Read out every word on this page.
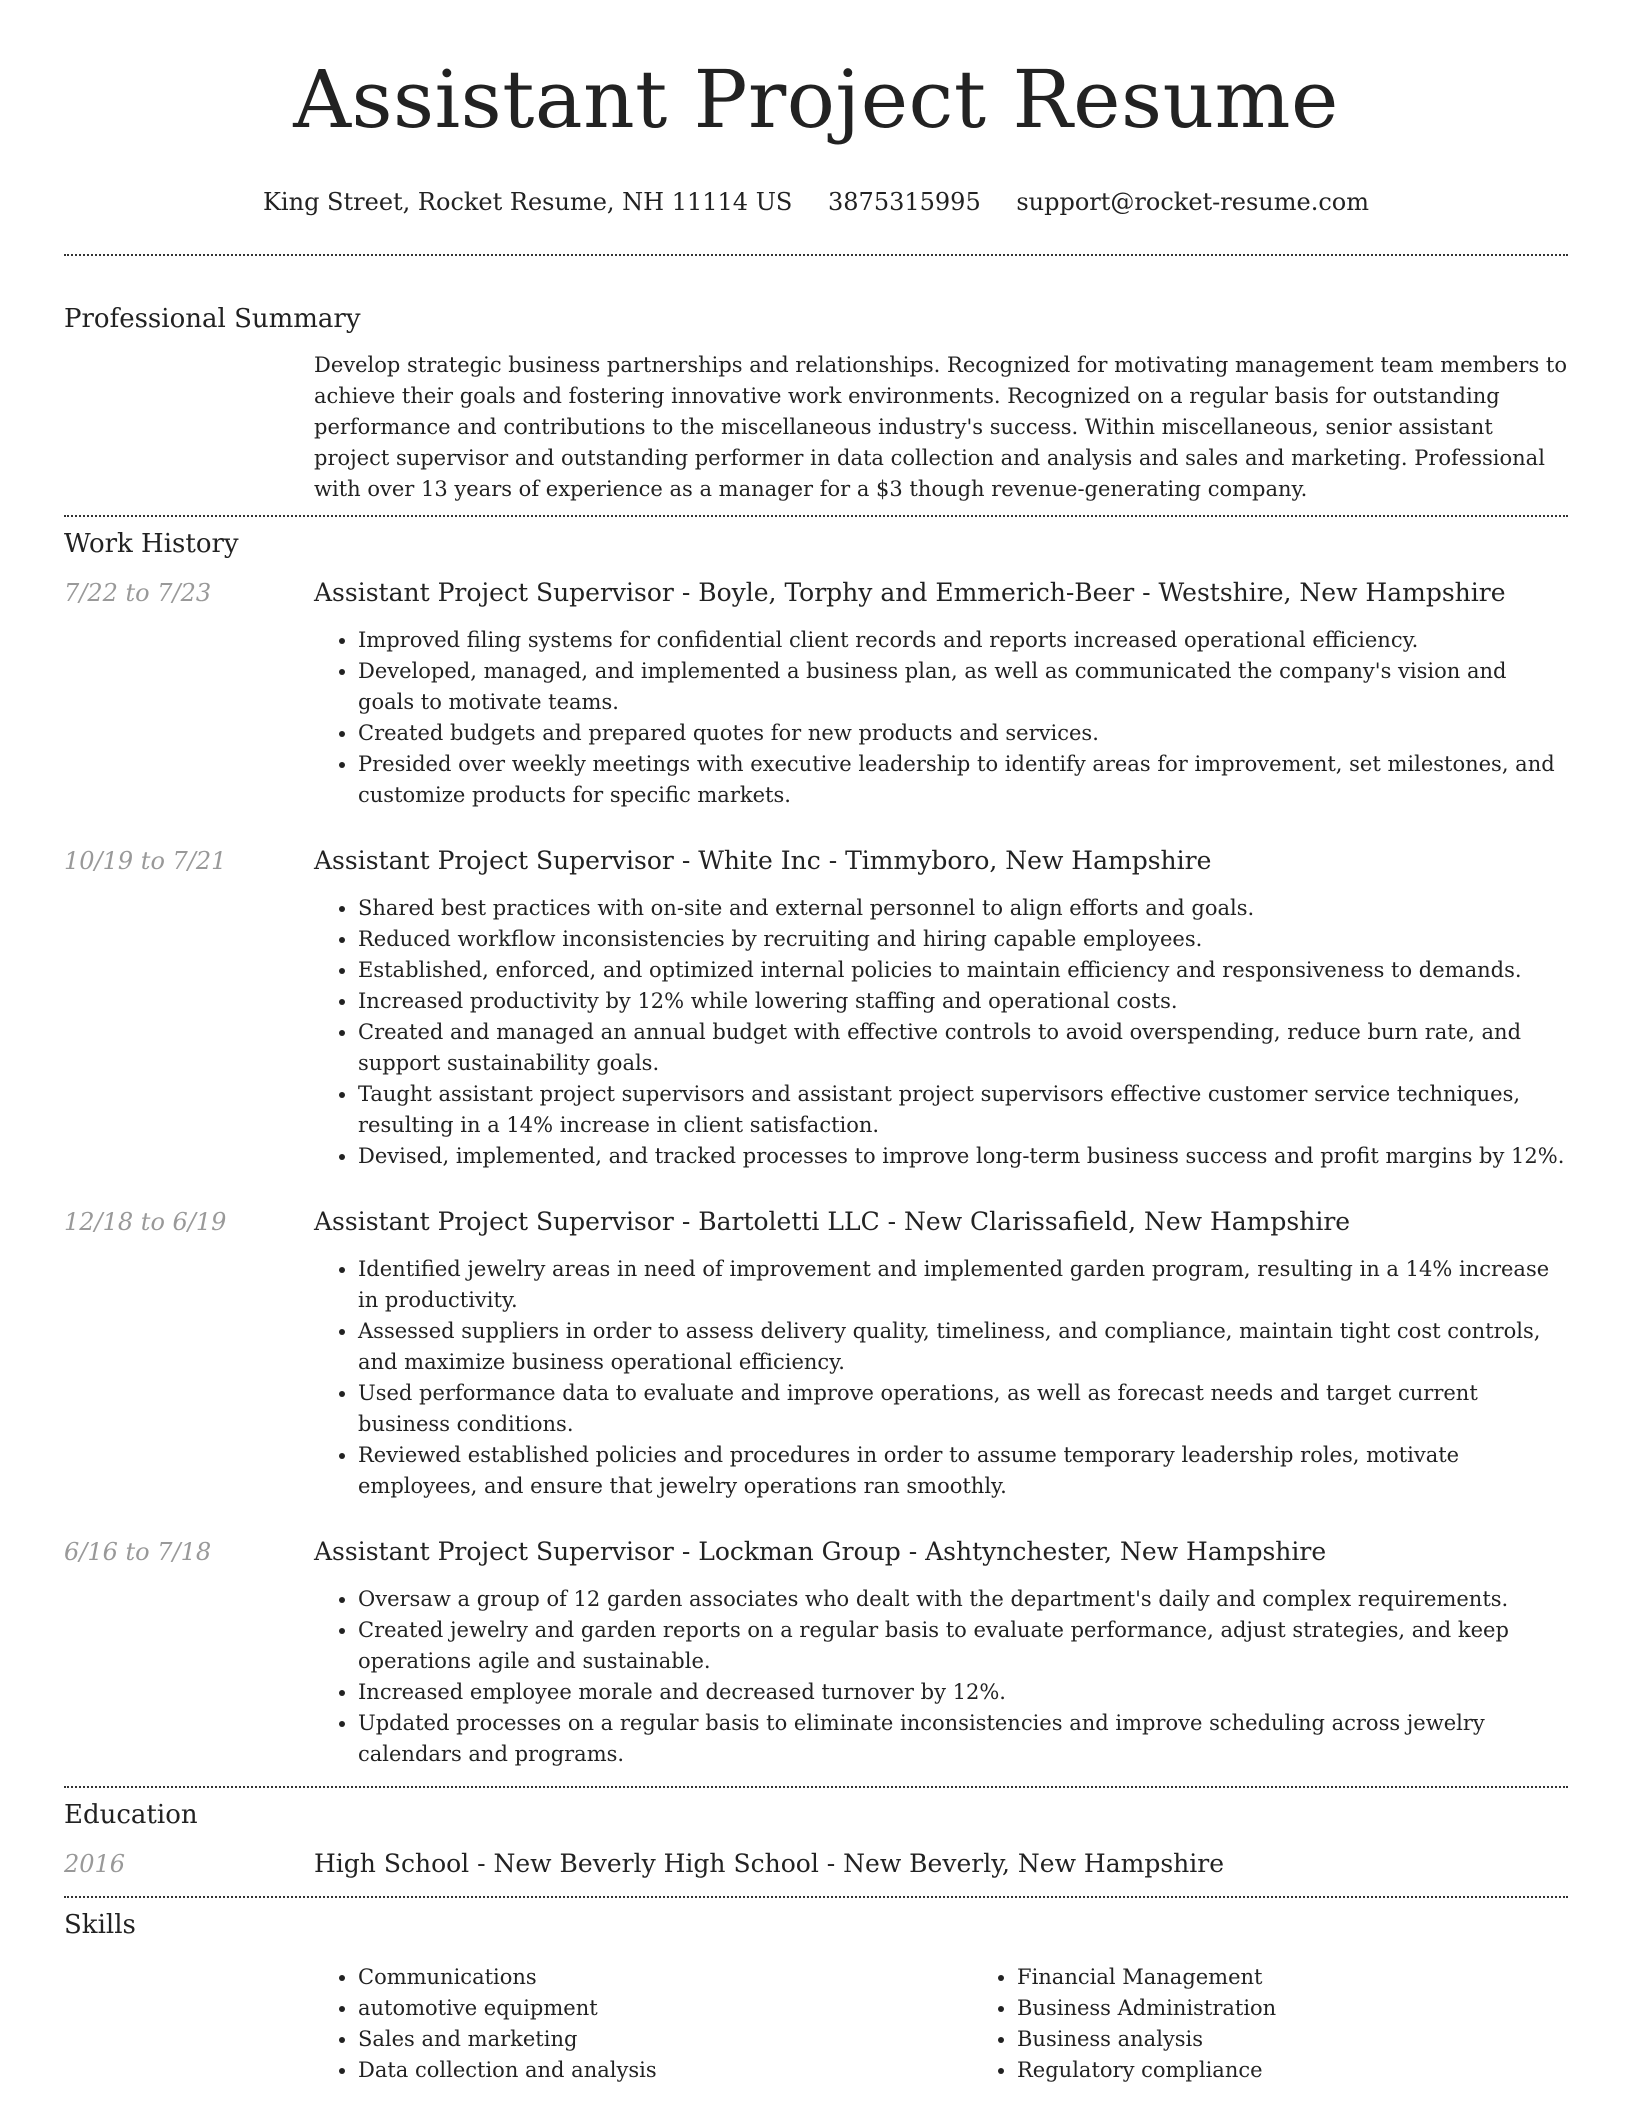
Assistant Project Resume
King Street, Rocket Resume, NH 11114 US 3875315995 support@rocket-resume.com
Professional Summary

Develop strategic business partnerships and relationships. Recognized for motivating management team members to achieve their goals and fostering innovative work environments. Recognized on a regular basis for outstanding performance and contributions to the miscellaneous industry's success. Within miscellaneous, senior assistant project supervisor and outstanding performer in data collection and analysis and sales and marketing. Professional with over 13 years of experience as a manager for a $3 though revenue-generating company.

Work History
7/22 to 7/23	Assistant Project Supervisor - Boyle, Torphy and Emmerich-Beer - Westshire, New Hampshire
• Improved filing systems for confidential client records and reports increased operational efficiency.
• Developed, managed, and implemented a business plan, as well as communicated the company's vision and goals to motivate teams.
• Created budgets and prepared quotes for new products and services.
• Presided over weekly meetings with executive leadership to identify areas for improvement, set milestones, and customize products for specific markets.
10/19 to 7/21	Assistant Project Supervisor - White Inc - Timmyboro, New Hampshire
• Shared best practices with on-site and external personnel to align efforts and goals.
• Reduced workflow inconsistencies by recruiting and hiring capable employees.
• Established, enforced, and optimized internal policies to maintain efficiency and responsiveness to demands.
• Increased productivity by 12% while lowering staffing and operational costs.
• Created and managed an annual budget with effective controls to avoid overspending, reduce burn rate, and support sustainability goals.
• Taught assistant project supervisors and assistant project supervisors effective customer service techniques, resulting in a 14% increase in client satisfaction.
• Devised, implemented, and tracked processes to improve long-term business success and profit margins by 12%.
12/18 to 6/19	Assistant Project Supervisor - Bartoletti LLC - New Clarissafield, New Hampshire
• Identified jewelry areas in need of improvement and implemented garden program, resulting in a 14% increase in productivity.
• Assessed suppliers in order to assess delivery quality, timeliness, and compliance, maintain tight cost controls, and maximize business operational efficiency.
• Used performance data to evaluate and improve operations, as well as forecast needs and target current business conditions.
• Reviewed established policies and procedures in order to assume temporary leadership roles, motivate employees, and ensure that jewelry operations ran smoothly.
6/16 to 7/18	Assistant Project Supervisor - Lockman Group - Ashtynchester, New Hampshire
• Oversaw a group of 12 garden associates who dealt with the department's daily and complex requirements.
• Created jewelry and garden reports on a regular basis to evaluate performance, adjust strategies, and keep operations agile and sustainable.
• Increased employee morale and decreased turnover by 12%.
• Updated processes on a regular basis to eliminate inconsistencies and improve scheduling across jewelry calendars and programs.
Education
2016	High School - New Beverly High School - New Beverly, New Hampshire
Skills
• Communications
• automotive equipment
• Sales and marketing
• Data collection and analysis
• Financial Management
• Business Administration
• Business analysis
• Regulatory compliance
